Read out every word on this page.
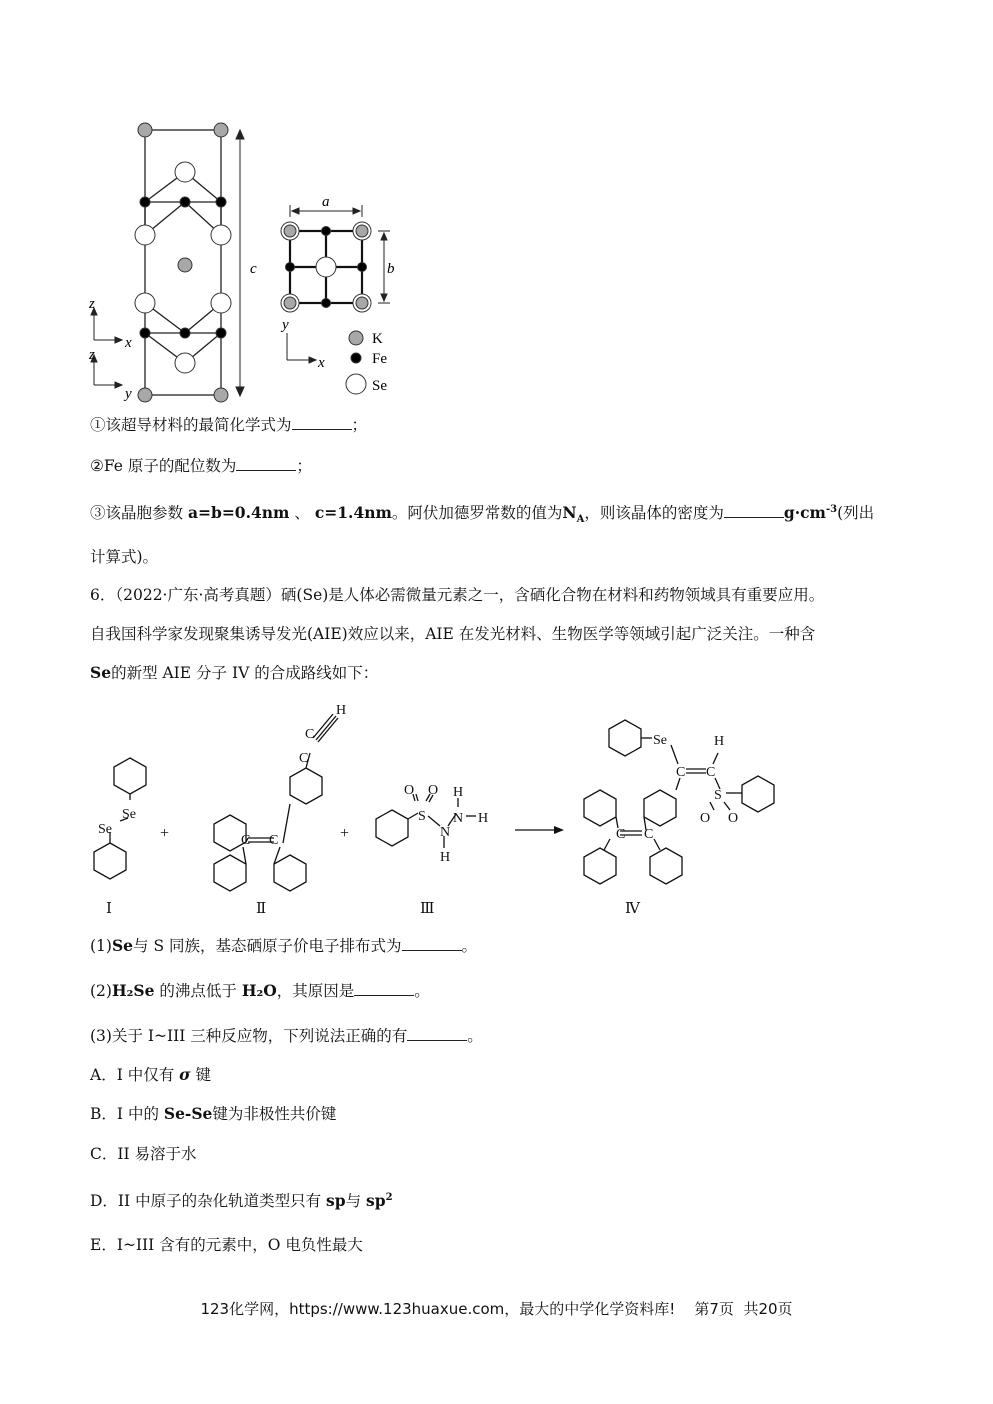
c
z
x
z
y
a
b
y
x
K
Fe
Se
①该超导材料的最简化学式为	；
②Fe 原子的配位数为	；
③该晶胞参数 a=b=0.4nm 、 c=1.4nm。阿伏加德罗常数的值为$N_A$，则该晶体的密度为	$g\cdot cm^{-3}$(列出
计算式)。
6．（2022·广东·高考真题）硒(Se)是人体必需微量元素之一，含硒化合物在材料和药物领域具有重要应用。
自我国科学家发现聚集诱导发光(AIE)效应以来，AIE 在发光材料、生物医学等领域引起广泛关注。一种含
Se的新型 AIE 分子 IV 的合成路线如下：
Se
Se	+	C C
C
C
H
+
S
O O
N
N
H
H
H
Se
C C
H
S
O O
C C
Ⅰ	Ⅱ	Ⅲ	Ⅳ
(1)Se与 S 同族，基态硒原子价电子排布式为	。
(2)H₂Se 的沸点低于 H₂O，其原因是	。
(3)关于 I~III 三种反应物，下列说法正确的有	。
A．I 中仅有 σ 键
B．I 中的 Se-Se键为非极性共价键
C．II 易溶于水
D．II 中原子的杂化轨道类型只有 sp与 $sp^2$
E．I~III 含有的元素中，O 电负性最大
123化学网，https://www.123huaxue.com，最大的中学化学资料库!    第7页  共20页
